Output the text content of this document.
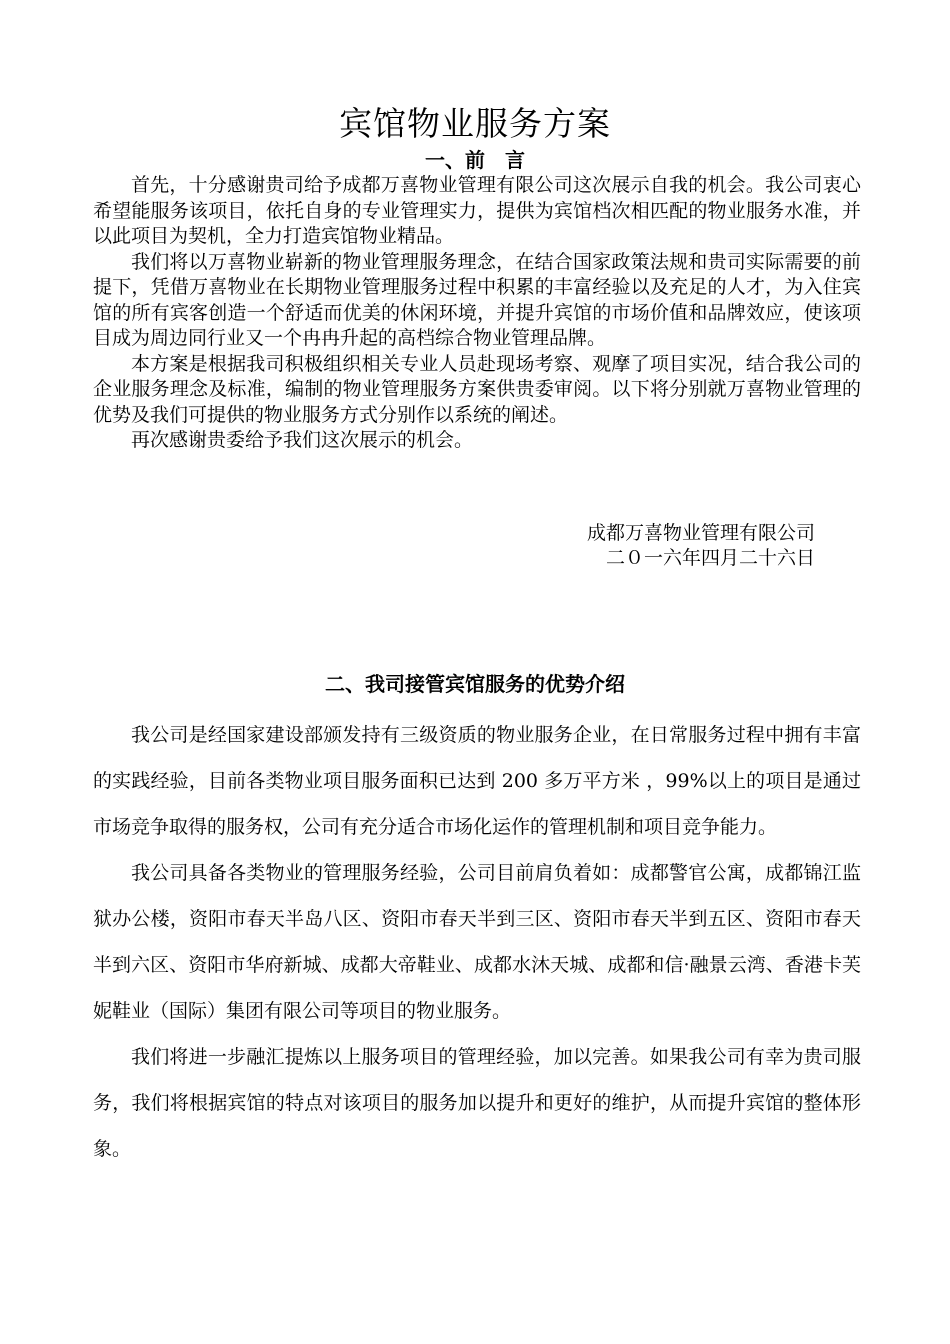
宾馆物业服务方案
一、前　言

首先，十分感谢贵司给予成都万喜物业管理有限公司这次展示自我的机会。我公司衷心希望能服务该项目，依托自身的专业管理实力，提供为宾馆档次相匹配的物业服务水准，并以此项目为契机，全力打造宾馆物业精品。

我们将以万喜物业崭新的物业管理服务理念，在结合国家政策法规和贵司实际需要的前提下，凭借万喜物业在长期物业管理服务过程中积累的丰富经验以及充足的人才，为入住宾馆的所有宾客创造一个舒适而优美的休闲环境，并提升宾馆的市场价值和品牌效应，使该项目成为周边同行业又一个冉冉升起的高档综合物业管理品牌。

本方案是根据我司积极组织相关专业人员赴现场考察、观摩了项目实况，结合我公司的企业服务理念及标准，编制的物业管理服务方案供贵委审阅。以下将分别就万喜物业管理的优势及我们可提供的物业服务方式分别作以系统的阐述。

再次感谢贵委给予我们这次展示的机会。

成都万喜物业管理有限公司
二０一六年四月二十六日
二、我司接管宾馆服务的优势介绍

我公司是经国家建设部颁发持有三级资质的物业服务企业，在日常服务过程中拥有丰富的实践经验，目前各类物业项目服务面积已达到 200 多万平方米 ，99%以上的项目是通过市场竞争取得的服务权，公司有充分适合市场化运作的管理机制和项目竞争能力。

我公司具备各类物业的管理服务经验，公司目前肩负着如：成都警官公寓，成都锦江监狱办公楼，资阳市春天半岛八区、资阳市春天半到三区、资阳市春天半到五区、资阳市春天半到六区、资阳市华府新城、成都大帝鞋业、成都水沐天城、成都和信·融景云湾、香港卡芙妮鞋业（国际）集团有限公司等项目的物业服务。

我们将进一步融汇提炼以上服务项目的管理经验，加以完善。如果我公司有幸为贵司服务，我们将根据宾馆的特点对该项目的服务加以提升和更好的维护，从而提升宾馆的整体形象。
